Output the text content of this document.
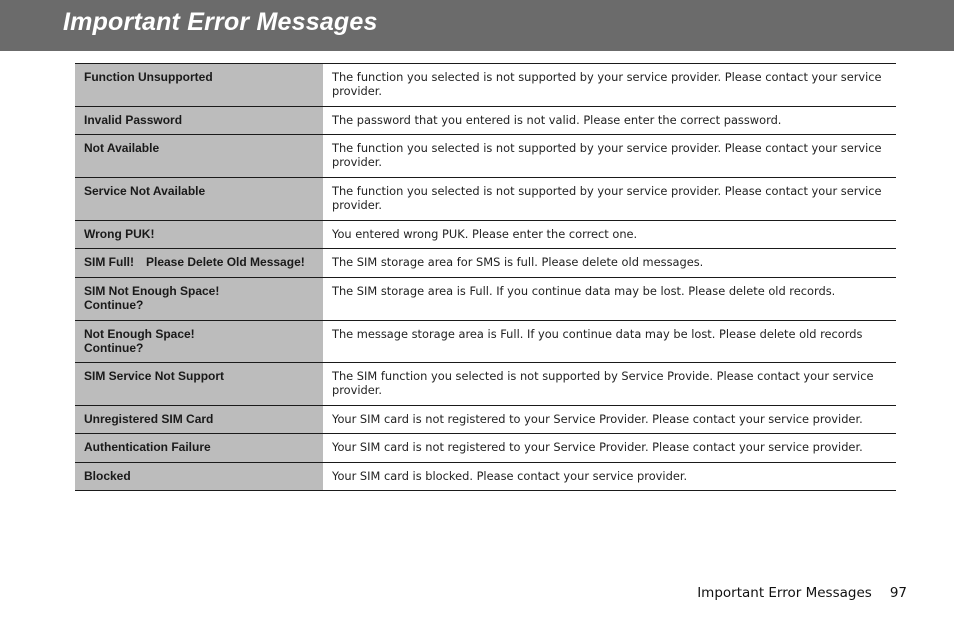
Important Error Messages
Function Unsupported	The function you selected is not supported by your service provider. Please contact your service provider.
Invalid Password	The password that you entered is not valid. Please enter the correct password.
Not Available	The function you selected is not supported by your service provider. Please contact your service provider.
Service Not Available	The function you selected is not supported by your service provider. Please contact your service provider.
Wrong PUK!	You entered wrong PUK. Please enter the correct one.
SIM Full! Please Delete Old Message!	The SIM storage area for SMS is full. Please delete old messages.
SIM Not Enough Space!
Continue?	The SIM storage area is Full. If you continue data may be lost. Please delete old records.
Not Enough Space!
Continue?	The message storage area is Full. If you continue data may be lost. Please delete old records
SIM Service Not Support	The SIM function you selected is not supported by Service Provide. Please contact your service provider.
Unregistered SIM Card	Your SIM card is not registered to your Service Provider. Please contact your service provider.
Authentication Failure	Your SIM card is not registered to your Service Provider. Please contact your service provider.
Blocked	Your SIM card is blocked. Please contact your service provider.
Important Error Messages 97
